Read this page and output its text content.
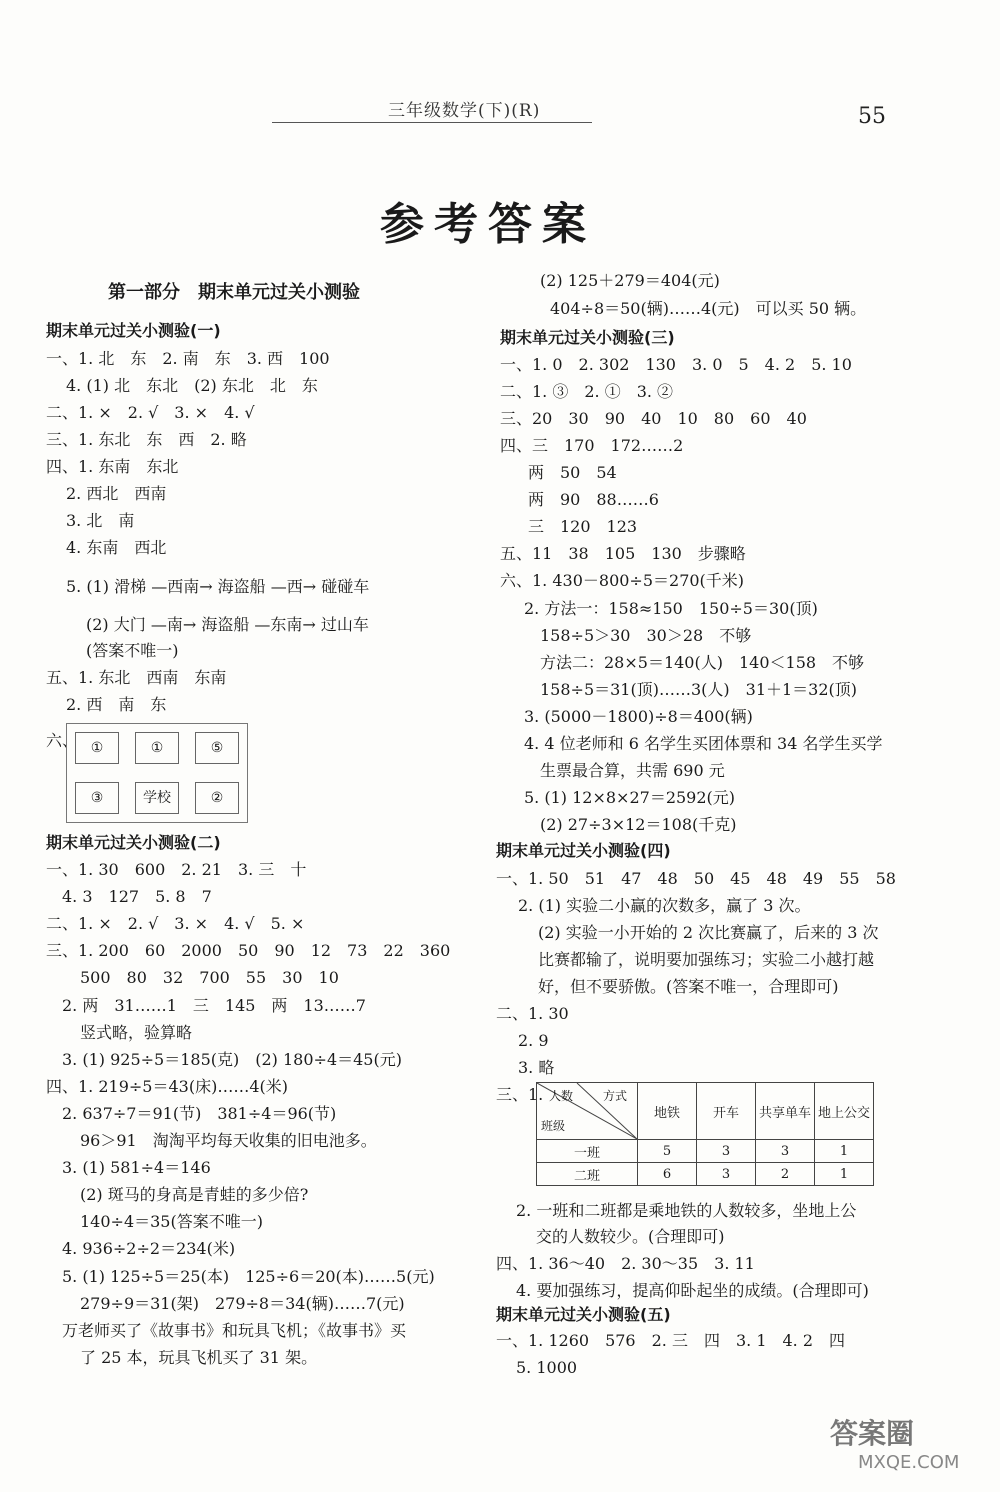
三年级数学(下)(R)	55
参考答案
第一部分　期末单元过关小测验
期末单元过关小测验(一)
一、1. 北　东　2. 南　东　3. 西　100
4. (1) 北　东北　(2) 东北　北　东
二、1. ×　2. √　3. ×　4. √
三、1. 东北　东　西　2. 略
四、1. 东南　东北
2. 西北　西南
3. 北　南
4. 东南　西北
5. (1) 滑梯 —西南→ 海盗船 —西→ 碰碰车
(2) 大门 —南→ 海盗船 —东南→ 过山车
(答案不唯一)
五、1. 东北　西南　东南
2. 西　南　东
六、 ①	①	⑤
③	学校	②
期末单元过关小测验(二)
一、1. 30　600　2. 21　3. 三　十
4. 3　127　5. 8　7
二、1. ×　2. √　3. ×　4. √　5. ×
三、1. 200　60　2000　50　90　12　73　22　360
500　80　32　700　55　30　10
2. 两　31……1　三　145　两　13……7
竖式略，验算略
3. (1) 925÷5＝185(克)　(2) 180÷4＝45(元)
四、1. 219÷5＝43(床)……4(米)
2. 637÷7＝91(节)　381÷4＝96(节)
96＞91　淘淘平均每天收集的旧电池多。
3. (1) 581÷4＝146
(2) 斑马的身高是青蛙的多少倍?
140÷4＝35(答案不唯一)
4. 936÷2÷2＝234(米)
5. (1) 125÷5＝25(本)　125÷6＝20(本)……5(元)
279÷9＝31(架)　279÷8＝34(辆)……7(元)
万老师买了《故事书》和玩具飞机；《故事书》买
了 25 本，玩具飞机买了 31 架。
(2) 125＋279＝404(元)
404÷8＝50(辆)……4(元)　可以买 50 辆。
期末单元过关小测验(三)
一、1. 0　2. 302　130　3. 0　5　4. 2　5. 10
二、1. ③　2. ①　3. ②
三、20　30　90　40　10　80　60　40
四、三　170　172……2
两　50　54
两　90　88……6
三　120　123
五、11　38　105　130　步骤略
六、1. 430－800÷5＝270(千米)
2. 方法一：158≈150　150÷5＝30(顶)
158÷5＞30　30＞28　不够
方法二：28×5＝140(人)　140＜158　不够
158÷5＝31(顶)……3(人)　31＋1＝32(顶)
3. (5000－1800)÷8＝400(辆)
4. 4 位老师和 6 名学生买团体票和 34 名学生买学
生票最合算，共需 690 元
5. (1) 12×8×27＝2592(元)
(2) 27÷3×12＝108(千克)
期末单元过关小测验(四)
一、1. 50　51　47　48　50　45　48　49　55　58
2. (1) 实验二小赢的次数多，赢了 3 次。
(2) 实验一小开始的 2 次比赛赢了，后来的 3 次
比赛都输了，说明要加强练习；实验二小越打越
好，但不要骄傲。(答案不唯一，合理即可)
二、1. 30
2. 9
3. 略
三、1. 人数 方式
班级	地铁	开车	共享单车	地上公交
一班	5	3	3	1
二班	6	3	2	1
2. 一班和二班都是乘地铁的人数较多，坐地上公
交的人数较少。(合理即可)
四、1. 36～40　2. 30～35　3. 11
4. 要加强练习，提高仰卧起坐的成绩。(合理即可)
期末单元过关小测验(五)
一、1. 1260　576　2. 三　四　3. 1　4. 2　四
5. 1000
答案圈
MXQE.COM
